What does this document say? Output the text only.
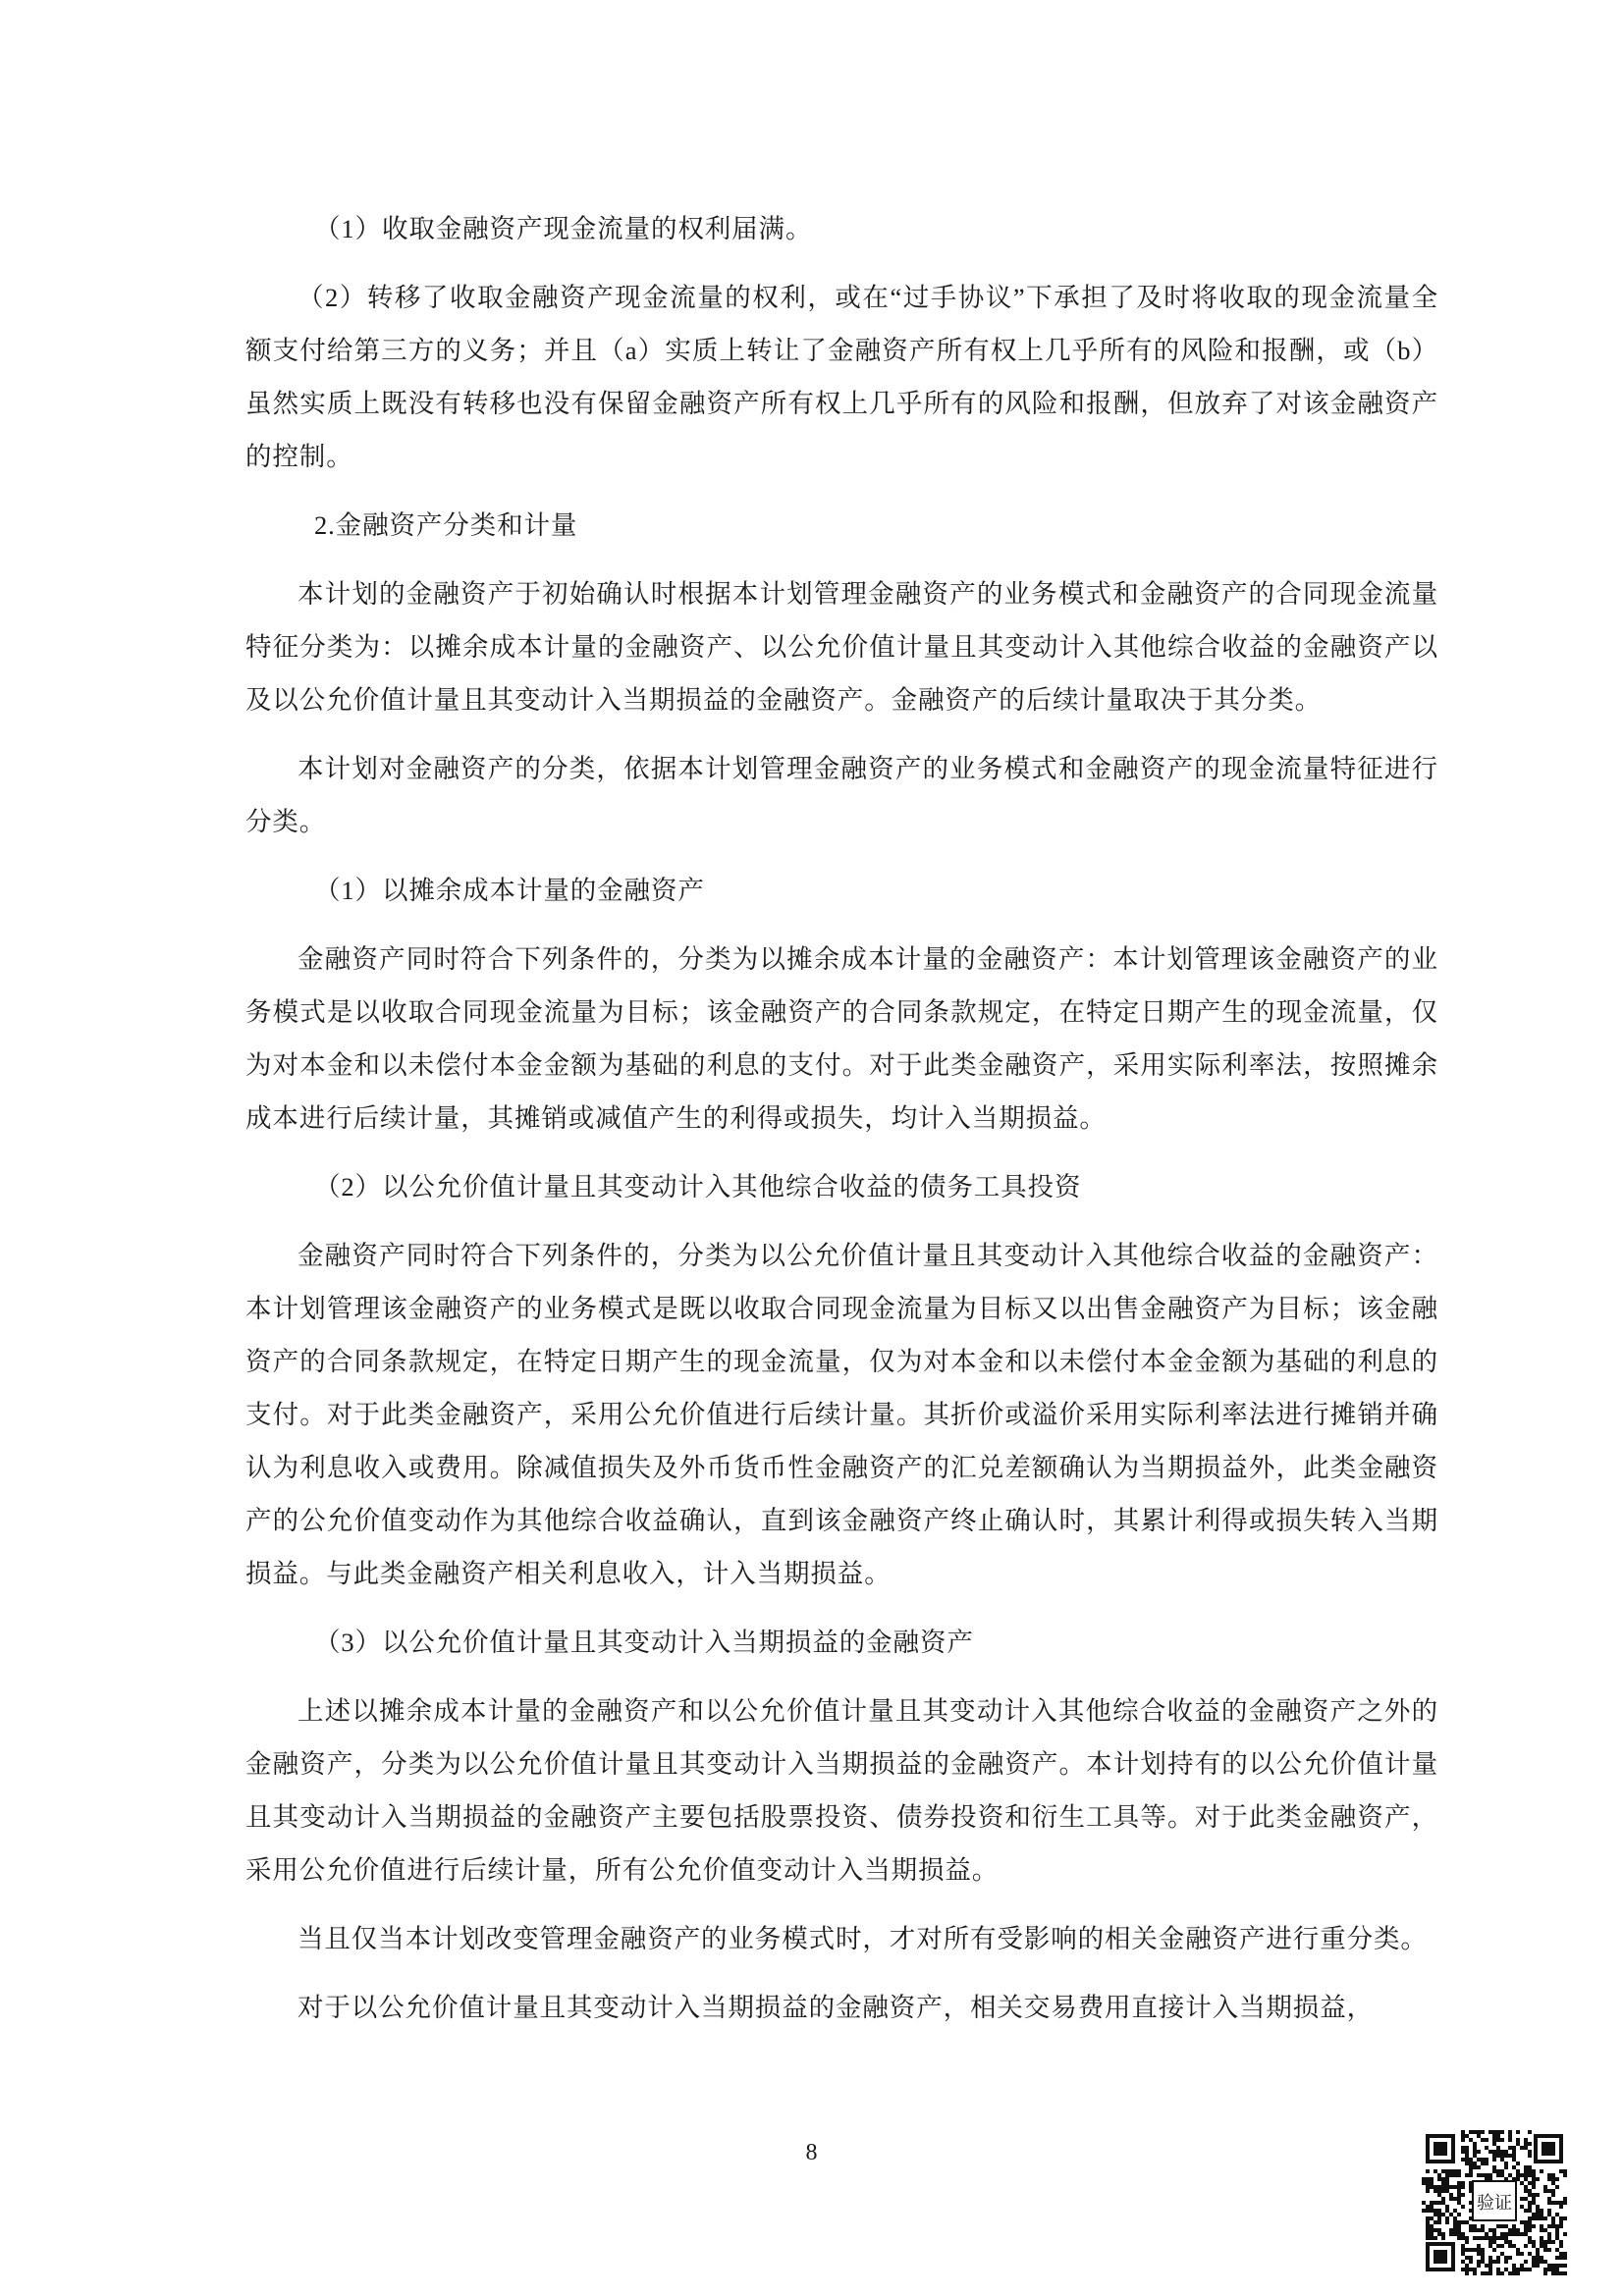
（1）收取金融资产现金流量的权利届满。

（2）转移了收取金融资产现金流量的权利，或在“过手协议”下承担了及时将收取的现金流量全额支付给第三方的义务；并且（a）实质上转让了金融资产所有权上几乎所有的风险和报酬，或（b）虽然实质上既没有转移也没有保留金融资产所有权上几乎所有的风险和报酬，但放弃了对该金融资产的控制。

2.金融资产分类和计量

本计划的金融资产于初始确认时根据本计划管理金融资产的业务模式和金融资产的合同现金流量特征分类为：以摊余成本计量的金融资产、以公允价值计量且其变动计入其他综合收益的金融资产以及以公允价值计量且其变动计入当期损益的金融资产。金融资产的后续计量取决于其分类。

本计划对金融资产的分类，依据本计划管理金融资产的业务模式和金融资产的现金流量特征进行分类。

（1）以摊余成本计量的金融资产

金融资产同时符合下列条件的，分类为以摊余成本计量的金融资产：本计划管理该金融资产的业务模式是以收取合同现金流量为目标；该金融资产的合同条款规定，在特定日期产生的现金流量，仅为对本金和以未偿付本金金额为基础的利息的支付。对于此类金融资产，采用实际利率法，按照摊余成本进行后续计量，其摊销或减值产生的利得或损失，均计入当期损益。

（2）以公允价值计量且其变动计入其他综合收益的债务工具投资

金融资产同时符合下列条件的，分类为以公允价值计量且其变动计入其他综合收益的金融资产：本计划管理该金融资产的业务模式是既以收取合同现金流量为目标又以出售金融资产为目标；该金融资产的合同条款规定，在特定日期产生的现金流量，仅为对本金和以未偿付本金金额为基础的利息的支付。对于此类金融资产，采用公允价值进行后续计量。其折价或溢价采用实际利率法进行摊销并确认为利息收入或费用。除减值损失及外币货币性金融资产的汇兑差额确认为当期损益外，此类金融资产的公允价值变动作为其他综合收益确认，直到该金融资产终止确认时，其累计利得或损失转入当期损益。与此类金融资产相关利息收入，计入当期损益。

（3）以公允价值计量且其变动计入当期损益的金融资产

上述以摊余成本计量的金融资产和以公允价值计量且其变动计入其他综合收益的金融资产之外的金融资产，分类为以公允价值计量且其变动计入当期损益的金融资产。本计划持有的以公允价值计量且其变动计入当期损益的金融资产主要包括股票投资、债券投资和衍生工具等。对于此类金融资产，采用公允价值进行后续计量，所有公允价值变动计入当期损益。

当且仅当本计划改变管理金融资产的业务模式时，才对所有受影响的相关金融资产进行重分类。

对于以公允价值计量且其变动计入当期损益的金融资产，相关交易费用直接计入当期损益，

8
验证
